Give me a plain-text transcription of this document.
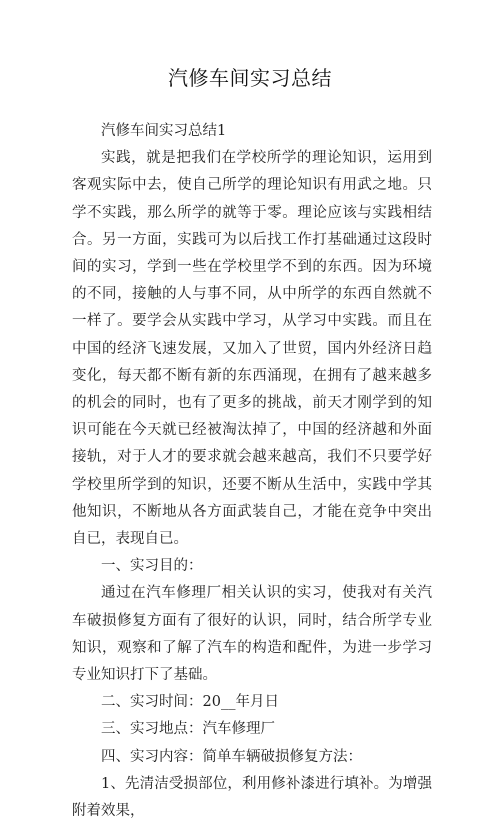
汽修车间实习总结

汽修车间实习总结1

实践，就是把我们在学校所学的理论知识，运用到客观实际中去，使自己所学的理论知识有用武之地。只学不实践，那么所学的就等于零。理论应该与实践相结合。另一方面，实践可为以后找工作打基础通过这段时间的实习，学到一些在学校里学不到的东西。因为环境的不同，接触的人与事不同，从中所学的东西自然就不一样了。要学会从实践中学习，从学习中实践。而且在中国的经济飞速发展，又加入了世贸，国内外经济日趋变化，每天都不断有新的东西涌现，在拥有了越来越多的机会的同时，也有了更多的挑战，前天才刚学到的知识可能在今天就已经被淘汰掉了，中国的经济越和外面接轨，对于人才的要求就会越来越高，我们不只要学好学校里所学到的知识，还要不断从生活中，实践中学其他知识，不断地从各方面武装自己，才能在竞争中突出自已，表现自已。

一、实习目的：

通过在汽车修理厂相关认识的实习，使我对有关汽车破损修复方面有了很好的认识，同时，结合所学专业知识，观察和了解了汽车的构造和配件，为进一步学习专业知识打下了基础。

二、实习时间：20__年月日

三、实习地点：汽车修理厂

四、实习内容：简单车辆破损修复方法：

1、先清洁受损部位，利用修补漆进行填补。为增强附着效果，
